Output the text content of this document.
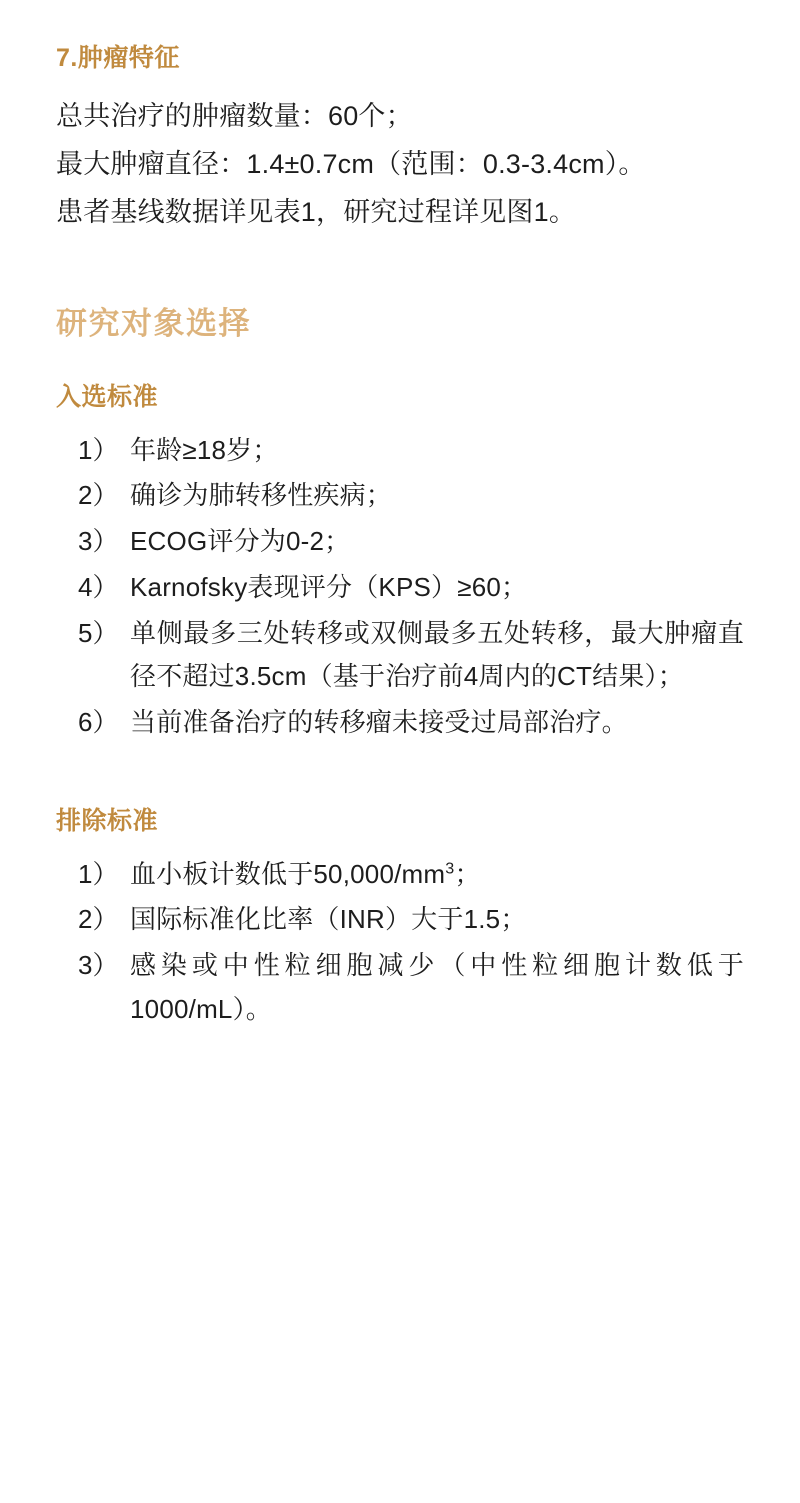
7.肿瘤特征

总共治疗的肿瘤数量：60个；

最大肿瘤直径：1.4±0.7cm（范围：0.3-3.4cm）。

患者基线数据详见表1，研究过程详见图1。

研究对象选择
入选标准
1） 年龄≥18岁；
2） 确诊为肺转移性疾病；
3） ECOG评分为0-2；
4） Karnofsky表现评分（KPS）≥60；
5） 单侧最多三处转移或双侧最多五处转移，最大肿瘤直径不超过3.5cm（基于治疗前4周内的CT结果）；
6） 当前准备治疗的转移瘤未接受过局部治疗。
排除标准
1） 血小板计数低于$50,000/mm^3$；
2） 国际标准化比率（INR）大于1.5；
3） 感染或中性粒细胞减少（中性粒细胞计数低于1000/mL）。
